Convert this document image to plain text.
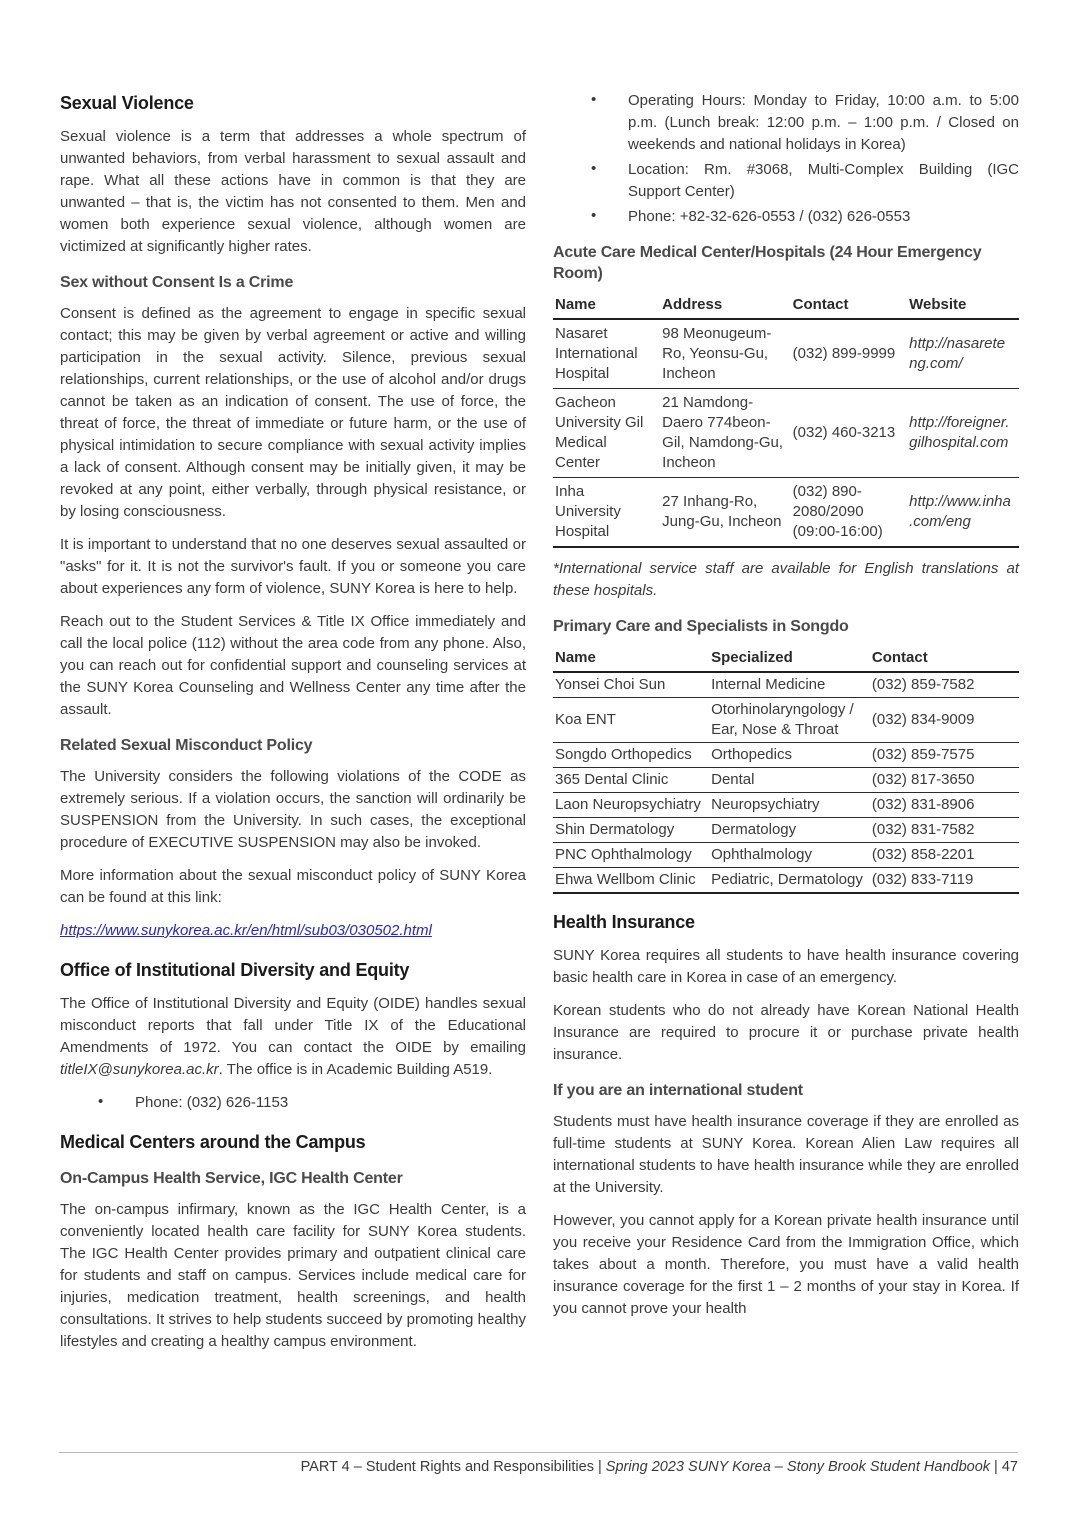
Sexual Violence

Sexual violence is a term that addresses a whole spectrum of unwanted behaviors, from verbal harassment to sexual assault and rape. What all these actions have in common is that they are unwanted – that is, the victim has not consented to them. Men and women both experience sexual violence, although women are victimized at significantly higher rates.

Sex without Consent Is a Crime

Consent is defined as the agreement to engage in specific sexual contact; this may be given by verbal agreement or active and willing participation in the sexual activity. Silence, previous sexual relationships, current relationships, or the use of alcohol and/or drugs cannot be taken as an indication of consent. The use of force, the threat of force, the threat of immediate or future harm, or the use of physical intimidation to secure compliance with sexual activity implies a lack of consent. Although consent may be initially given, it may be revoked at any point, either verbally, through physical resistance, or by losing consciousness.

It is important to understand that no one deserves sexual assaulted or "asks" for it. It is not the survivor's fault. If you or someone you care about experiences any form of violence, SUNY Korea is here to help.

Reach out to the Student Services & Title IX Office immediately and call the local police (112) without the area code from any phone. Also, you can reach out for confidential support and counseling services at the SUNY Korea Counseling and Wellness Center any time after the assault.

Related Sexual Misconduct Policy

The University considers the following violations of the CODE as extremely serious. If a violation occurs, the sanction will ordinarily be SUSPENSION from the University. In such cases, the exceptional procedure of EXECUTIVE SUSPENSION may also be invoked.

More information about the sexual misconduct policy of SUNY Korea can be found at this link:

https://www.sunykorea.ac.kr/en/html/sub03/030502.html

Office of Institutional Diversity and Equity

The Office of Institutional Diversity and Equity (OIDE) handles sexual misconduct reports that fall under Title IX of the Educational Amendments of 1972. You can contact the OIDE by emailing titleIX@sunykorea.ac.kr. The office is in Academic Building A519.

• Phone: (032) 626-1153
Medical Centers around the Campus
On-Campus Health Service, IGC Health Center

The on-campus infirmary, known as the IGC Health Center, is a conveniently located health care facility for SUNY Korea students. The IGC Health Center provides primary and outpatient clinical care for students and staff on campus. Services include medical care for injuries, medication treatment, health screenings, and health consultations. It strives to help students succeed by promoting healthy lifestyles and creating a healthy campus environment.

• Operating Hours: Monday to Friday, 10:00 a.m. to 5:00 p.m. (Lunch break: 12:00 p.m. – 1:00 p.m. / Closed on weekends and national holidays in Korea)
• Location: Rm. #3068, Multi-Complex Building (IGC Support Center)
• Phone: +82-32-626-0553 / (032) 626-0553
Acute Care Medical Center/Hospitals (24 Hour Emergency Room)
Name	Address	Contact	Website
Nasaret International Hospital	98 Meonugeum-Ro, Yeonsu-Gu, Incheon	(032) 899-9999	http://nasareteng.com/
Gacheon University Gil Medical Center	21 Namdong-Daero 774beon-Gil, Namdong-Gu, Incheon	(032) 460-3213	http://foreigner.gilhospital.com
Inha University Hospital	27 Inhang-Ro, Jung-Gu, Incheon	(032) 890-2080/2090 (09:00-16:00)	http://www.inha.com/eng

*International service staff are available for English translations at these hospitals.

Primary Care and Specialists in Songdo
Name	Specialized	Contact
Yonsei Choi Sun	Internal Medicine	(032) 859-7582
Koa ENT	Otorhinolaryngology / Ear, Nose & Throat	(032) 834-9009
Songdo Orthopedics	Orthopedics	(032) 859-7575
365 Dental Clinic	Dental	(032) 817-3650
Laon Neuropsychiatry	Neuropsychiatry	(032) 831-8906
Shin Dermatology	Dermatology	(032) 831-7582
PNC Ophthalmology	Ophthalmology	(032) 858-2201
Ehwa Wellbom Clinic	Pediatric, Dermatology	(032) 833-7119
Health Insurance

SUNY Korea requires all students to have health insurance covering basic health care in Korea in case of an emergency.

Korean students who do not already have Korean National Health Insurance are required to procure it or purchase private health insurance.

If you are an international student

Students must have health insurance coverage if they are enrolled as full-time students at SUNY Korea. Korean Alien Law requires all international students to have health insurance while they are enrolled at the University.

However, you cannot apply for a Korean private health insurance until you receive your Residence Card from the Immigration Office, which takes about a month. Therefore, you must have a valid health insurance coverage for the first 1 – 2 months of your stay in Korea. If you cannot prove your health

PART 4 – Student Rights and Responsibilities | Spring 2023 SUNY Korea – Stony Brook Student Handbook | 47
